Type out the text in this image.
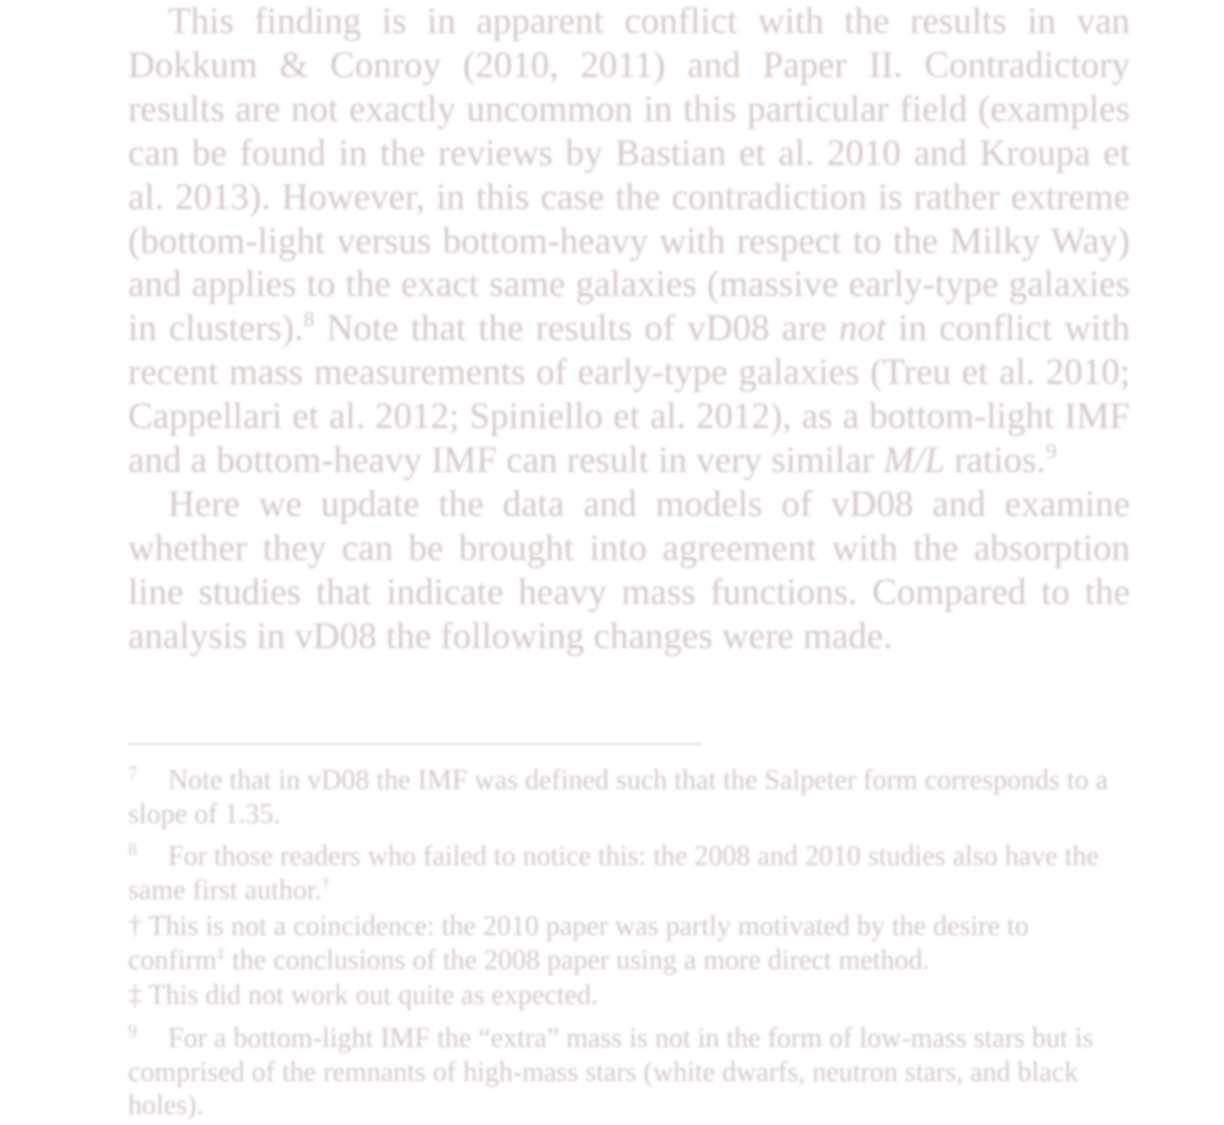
This finding is in apparent conflict with the results in van Dokkum & Conroy (2010, 2011) and Paper II. Contradictory results are not exactly uncommon in this particular field (examples can be found in the reviews by Bastian et al. 2010 and Kroupa et al. 2013). However, in this case the contradiction is rather extreme (bottom-light versus bottom-heavy with respect to the Milky Way) and applies to the exact same galaxies (massive early-type galaxies in clusters).$^8$ Note that the results of vD08 are not in conflict with recent mass measurements of early-type galaxies (Treu et al. 2010; Cappellari et al. 2012; Spiniello et al. 2012), as a bottom-light IMF and a bottom-heavy IMF can result in very similar M/L ratios.$^9$

Here we update the data and models of vD08 and examine whether they can be brought into agreement with the absorption line studies that indicate heavy mass functions. Compared to the analysis in vD08 the following changes were made.

7 Note that in vD08 the IMF was defined such that the Salpeter form corresponds to a slope of 1.35.
8 For those readers who failed to notice this: the 2008 and 2010 studies also have the same first author.†
† This is not a coincidence: the 2010 paper was partly motivated by the desire to confirm‡ the conclusions of the 2008 paper using a more direct method.
‡ This did not work out quite as expected.
9 For a bottom-light IMF the “extra” mass is not in the form of low-mass stars but is comprised of the remnants of high-mass stars (white dwarfs, neutron stars, and black holes).
